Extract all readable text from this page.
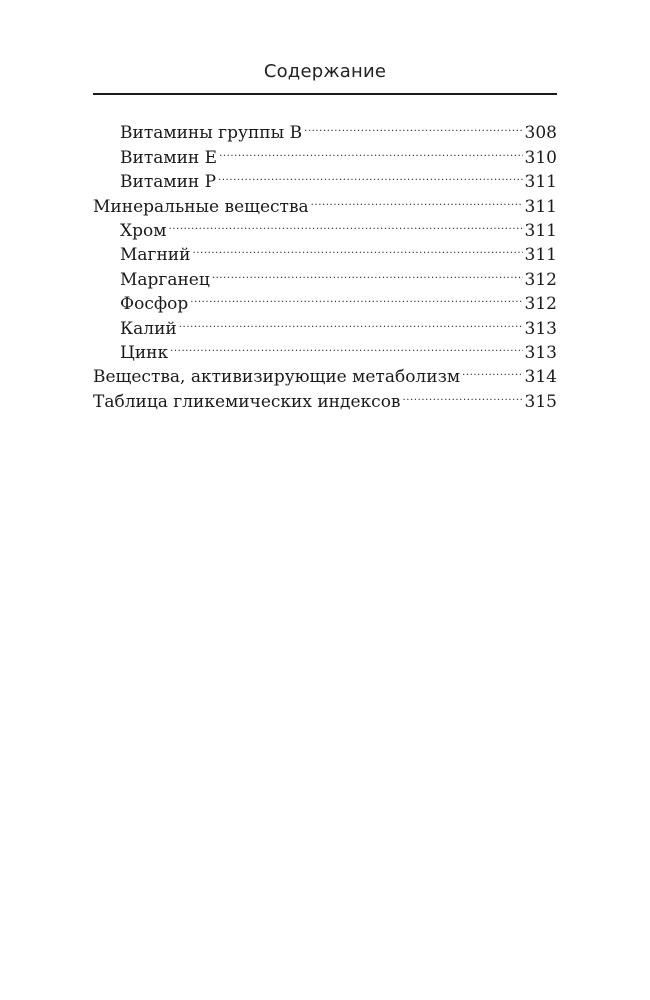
Содержание
Витамины группы В .....	308
Витамин Е .....	310
Витамин Р .....	311
Минеральные вещества .....	311
Хром .....	311
Магний .....	311
Марганец .....	312
Фосфор .....	312
Калий .....	313
Цинк .....	313
Вещества, активизирующие метаболизм .....	314
Таблица гликемических индексов .....	315
